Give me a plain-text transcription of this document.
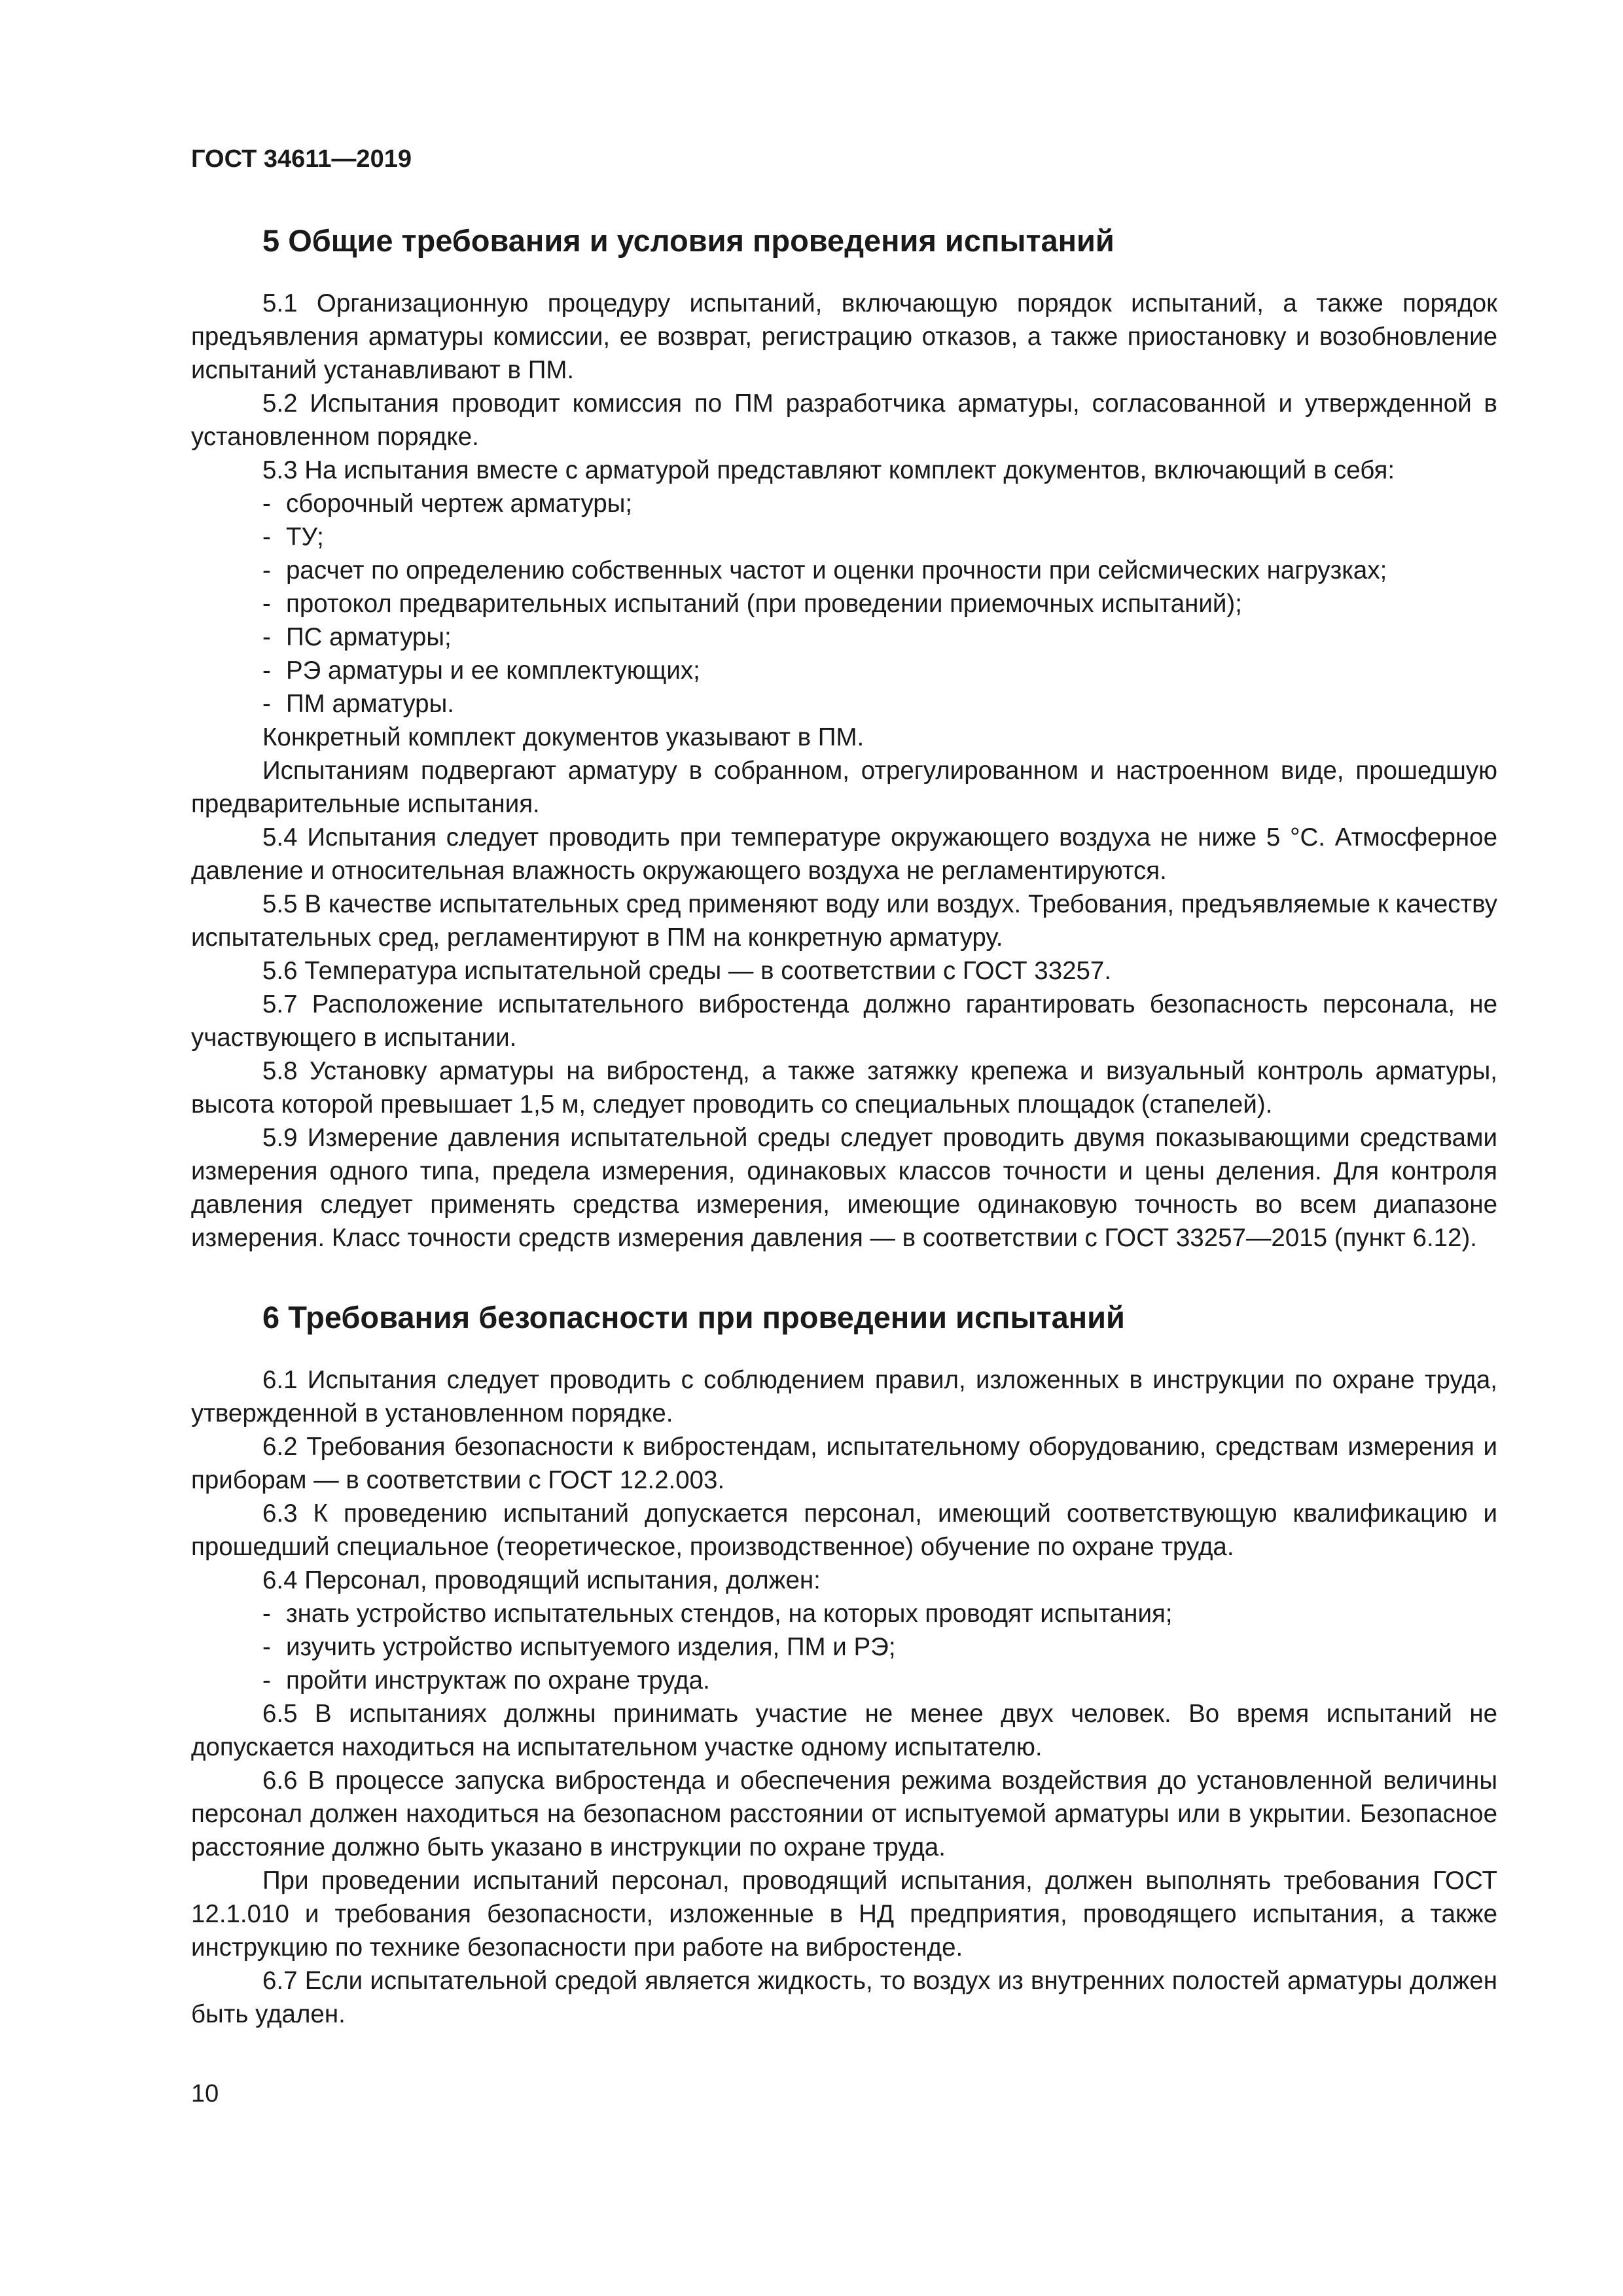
ГОСТ 34611—2019

5 Общие требования и условия проведения испытаний

5.1 Организационную процедуру испытаний, включающую порядок испытаний, а также порядок предъявления арматуры комиссии, ее возврат, регистрацию отказов, а также приостановку и возобновление испытаний устанавливают в ПМ.

5.2 Испытания проводит комиссия по ПМ разработчика арматуры, согласованной и утвержденной в установленном порядке.

5.3 На испытания вместе с арматурой представляют комплект документов, включающий в себя:

- сборочный чертеж арматуры;

- ТУ;

- расчет по определению собственных частот и оценки прочности при сейсмических нагрузках;

- протокол предварительных испытаний (при проведении приемочных испытаний);

- ПС арматуры;

- РЭ арматуры и ее комплектующих;

- ПМ арматуры.

Конкретный комплект документов указывают в ПМ.

Испытаниям подвергают арматуру в собранном, отрегулированном и настроенном виде, прошедшую предварительные испытания.

5.4 Испытания следует проводить при температуре окружающего воздуха не ниже 5 °С. Атмосферное давление и относительная влажность окружающего воздуха не регламентируются.

5.5 В качестве испытательных сред применяют воду или воздух. Требования, предъявляемые к качеству испытательных сред, регламентируют в ПМ на конкретную арматуру.

5.6 Температура испытательной среды — в соответствии с ГОСТ 33257.

5.7 Расположение испытательного вибростенда должно гарантировать безопасность персонала, не участвующего в испытании.

5.8 Установку арматуры на вибростенд, а также затяжку крепежа и визуальный контроль арматуры, высота которой превышает 1,5 м, следует проводить со специальных площадок (стапелей).

5.9 Измерение давления испытательной среды следует проводить двумя показывающими средствами измерения одного типа, предела измерения, одинаковых классов точности и цены деления. Для контроля давления следует применять средства измерения, имеющие одинаковую точность во всем диапазоне измерения. Класс точности средств измерения давления — в соответствии с ГОСТ 33257—2015 (пункт 6.12).

6 Требования безопасности при проведении испытаний

6.1 Испытания следует проводить с соблюдением правил, изложенных в инструкции по охране труда, утвержденной в установленном порядке.

6.2 Требования безопасности к вибростендам, испытательному оборудованию, средствам измерения и приборам — в соответствии с ГОСТ 12.2.003.

6.3 К проведению испытаний допускается персонал, имеющий соответствующую квалификацию и прошедший специальное (теоретическое, производственное) обучение по охране труда.

6.4 Персонал, проводящий испытания, должен:

- знать устройство испытательных стендов, на которых проводят испытания;

- изучить устройство испытуемого изделия, ПМ и РЭ;

- пройти инструктаж по охране труда.

6.5 В испытаниях должны принимать участие не менее двух человек. Во время испытаний не допускается находиться на испытательном участке одному испытателю.

6.6 В процессе запуска вибростенда и обеспечения режима воздействия до установленной величины персонал должен находиться на безопасном расстоянии от испытуемой арматуры или в укрытии. Безопасное расстояние должно быть указано в инструкции по охране труда.

При проведении испытаний персонал, проводящий испытания, должен выполнять требования ГОСТ 12.1.010 и требования безопасности, изложенные в НД предприятия, проводящего испытания, а также инструкцию по технике безопасности при работе на вибростенде.

6.7 Если испытательной средой является жидкость, то воздух из внутренних полостей арматуры должен быть удален.

10
